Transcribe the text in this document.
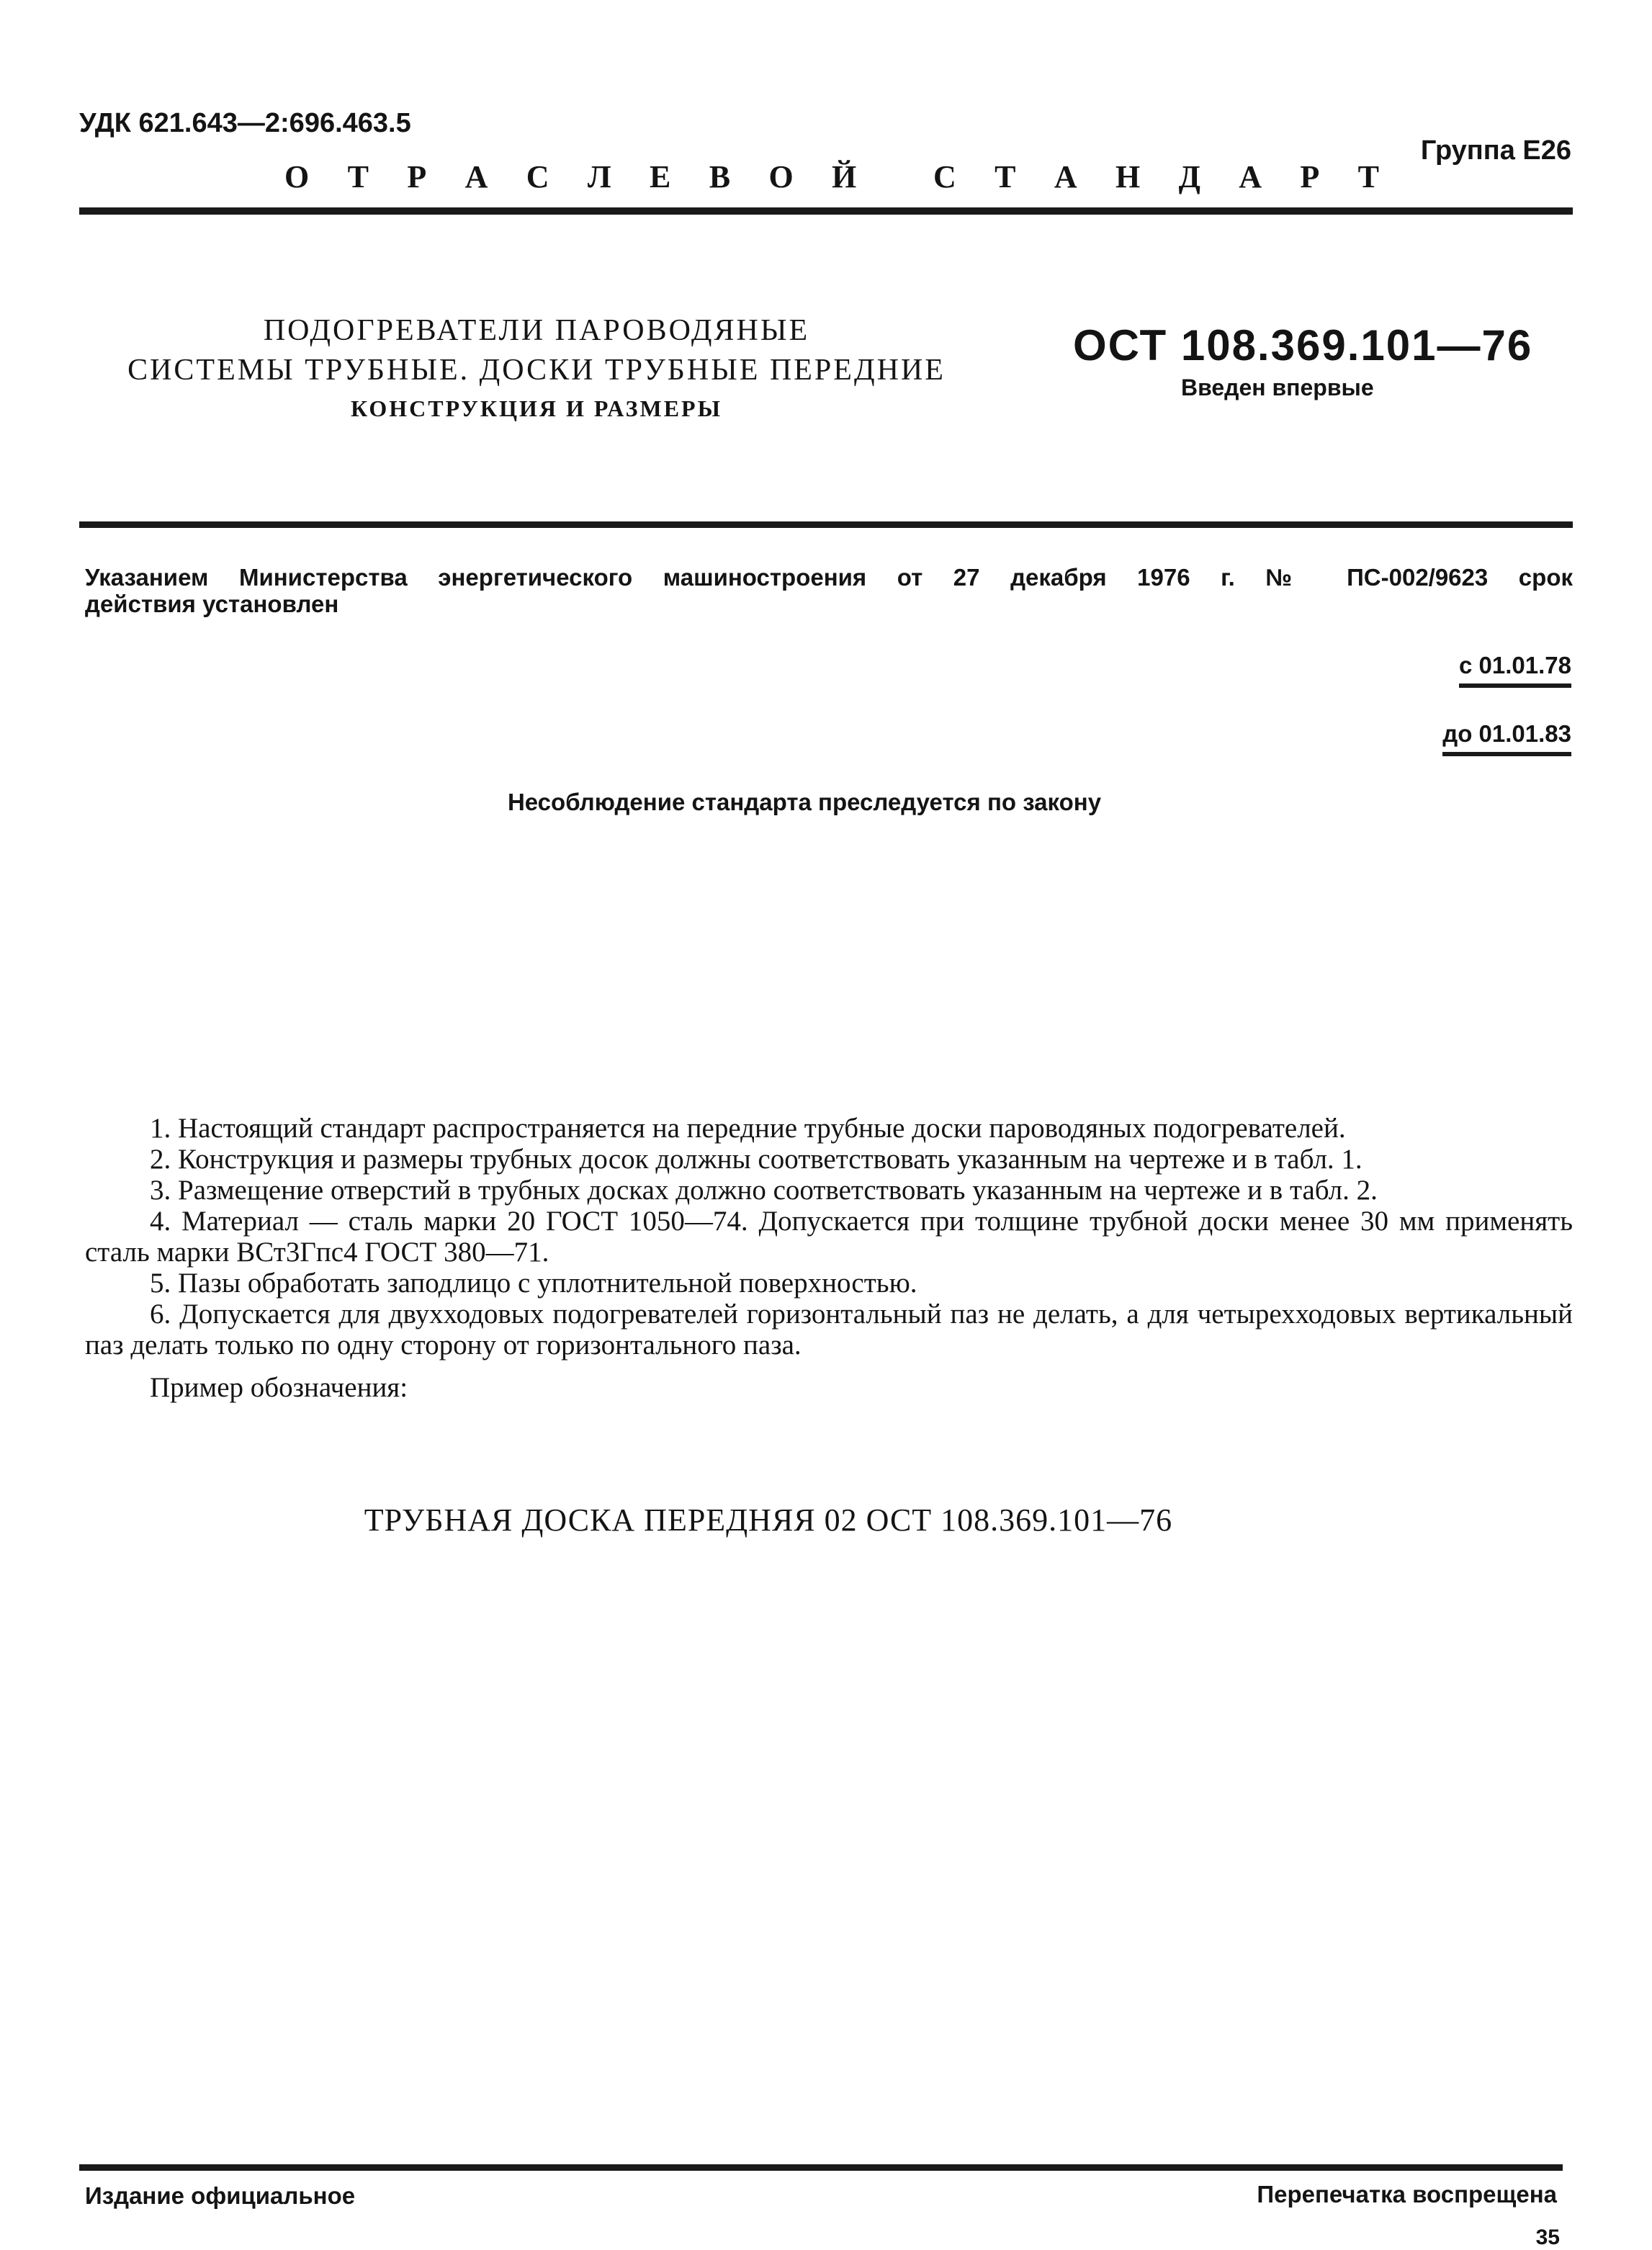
УДК 621.643—2:696.463.5
Группа Е26
О Т Р А С Л Е В О Й С Т А Н Д А Р Т
ПОДОГРЕВАТЕЛИ ПАРОВОДЯНЫЕ
СИСТЕМЫ ТРУБНЫЕ. ДОСКИ ТРУБНЫЕ ПЕРЕДНИЕ
КОНСТРУКЦИЯ И РАЗМЕРЫ
ОСТ 108.369.101—76
Введен впервые
Указанием Министерства энергетического машиностроения от 27 декабря 1976 г. № ПС-002/9623 срок
действия установлен
с 01.01.78
до 01.01.83
Несоблюдение стандарта преследуется по закону

1. Настоящий стандарт распространяется на передние трубные доски пароводяных подогревателей.

2. Конструкция и размеры трубных досок должны соответствовать указанным на чертеже и в табл. 1.

3. Размещение отверстий в трубных досках должно соответствовать указанным на чертеже и в табл. 2.

4. Материал — сталь марки 20 ГОСТ 1050—74. Допускается при толщине трубной доски менее 30 мм применять сталь марки ВСт3Гпс4 ГОСТ 380—71.

5. Пазы обработать заподлицо с уплотнительной поверхностью.

6. Допускается для двухходовых подогревателей горизонтальный паз не делать, а для четырехходовых вертикальный паз делать только по одну сторону от горизонтального паза.

Пример обозначения:

ТРУБНАЯ ДОСКА ПЕРЕДНЯЯ 02 ОСТ 108.369.101—76
Издание официальное	Перепечатка воспрещена
35
